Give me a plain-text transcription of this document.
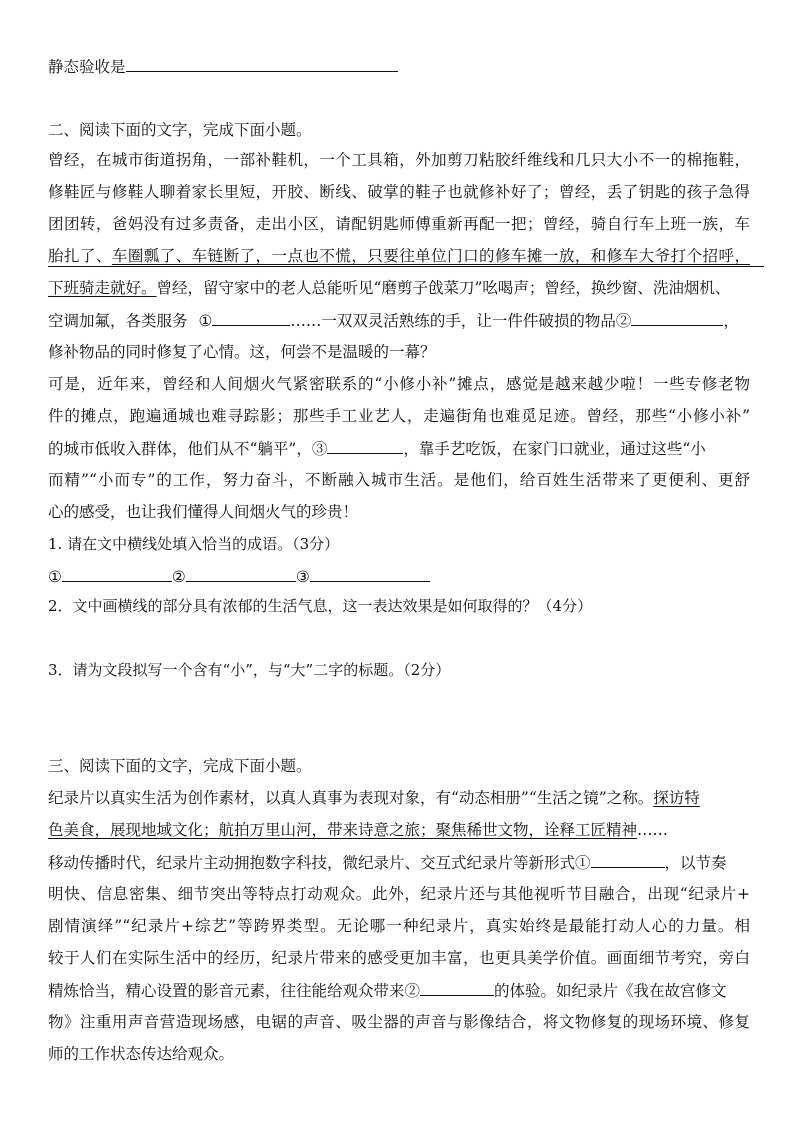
静态验收是
二、阅读下面的文字，完成下面小题。
曾经，在城市街道拐角，一部补鞋机，一个工具箱，外加剪刀粘胶纤维线和几只大小不一的棉拖鞋，
修鞋匠与修鞋人聊着家长里短，开胶、断线、破掌的鞋子也就修补好了；曾经，丢了钥匙的孩子急得
团团转，爸妈没有过多责备，走出小区，请配钥匙师傅重新再配一把；曾经，骑自行车上班一族，车
胎扎了、车圈瓢了、车链断了，一点也不慌，只要往单位门口的修车摊一放，和修车大爷打个招呼，
下班骑走就好。曾经，留守家中的老人总能听见“磨剪子戗菜刀”吆喝声；曾经，换纱窗、洗油烟机、
空调加氟，各类服务 ①	……一双双灵活熟练的手，让一件件破损的物品②	，
修补物品的同时修复了心情。这，何尝不是温暖的一幕？
可是，近年来，曾经和人间烟火气紧密联系的“小修小补”摊点，感觉是越来越少啦！一些专修老物
件的摊点，跑遍通城也难寻踪影；那些手工业艺人，走遍街角也难觅足迹。曾经，那些“小修小补”
的城市低收入群体，他们从不“躺平”，③	，靠手艺吃饭，在家门口就业，通过这些“小
而精”“小而专”的工作，努力奋斗，不断融入城市生活。是他们，给百姓生活带来了更便利、更舒
心的感受，也让我们懂得人间烟火气的珍贵！
1. 请在文中横线处填入恰当的成语。（3分）
①	②	③
2．文中画横线的部分具有浓郁的生活气息，这一表达效果是如何取得的？（4分）
3．请为文段拟写一个含有“小”，与“大”二字的标题。（2分）
三、阅读下面的文字，完成下面小题。
纪录片以真实生活为创作素材，以真人真事为表现对象，有“动态相册”“生活之镜”之称。探访特
色美食，展现地域文化；航拍万里山河，带来诗意之旅；聚焦稀世文物，诠释工匠精神……
移动传播时代，纪录片主动拥抱数字科技，微纪录片、交互式纪录片等新形式①	，以节奏
明快、信息密集、细节突出等特点打动观众。此外，纪录片还与其他视听节目融合，出现“纪录片+
剧情演绎”“纪录片+综艺”等跨界类型。无论哪一种纪录片，真实始终是最能打动人心的力量。相
较于人们在实际生活中的经历，纪录片带来的感受更加丰富，也更具美学价值。画面细节考究，旁白
精炼恰当，精心设置的影音元素，往往能给观众带来②	的体验。如纪录片《我在故宫修文
物》注重用声音营造现场感，电锯的声音、吸尘器的声音与影像结合，将文物修复的现场环境、修复
师的工作状态传达给观众。
